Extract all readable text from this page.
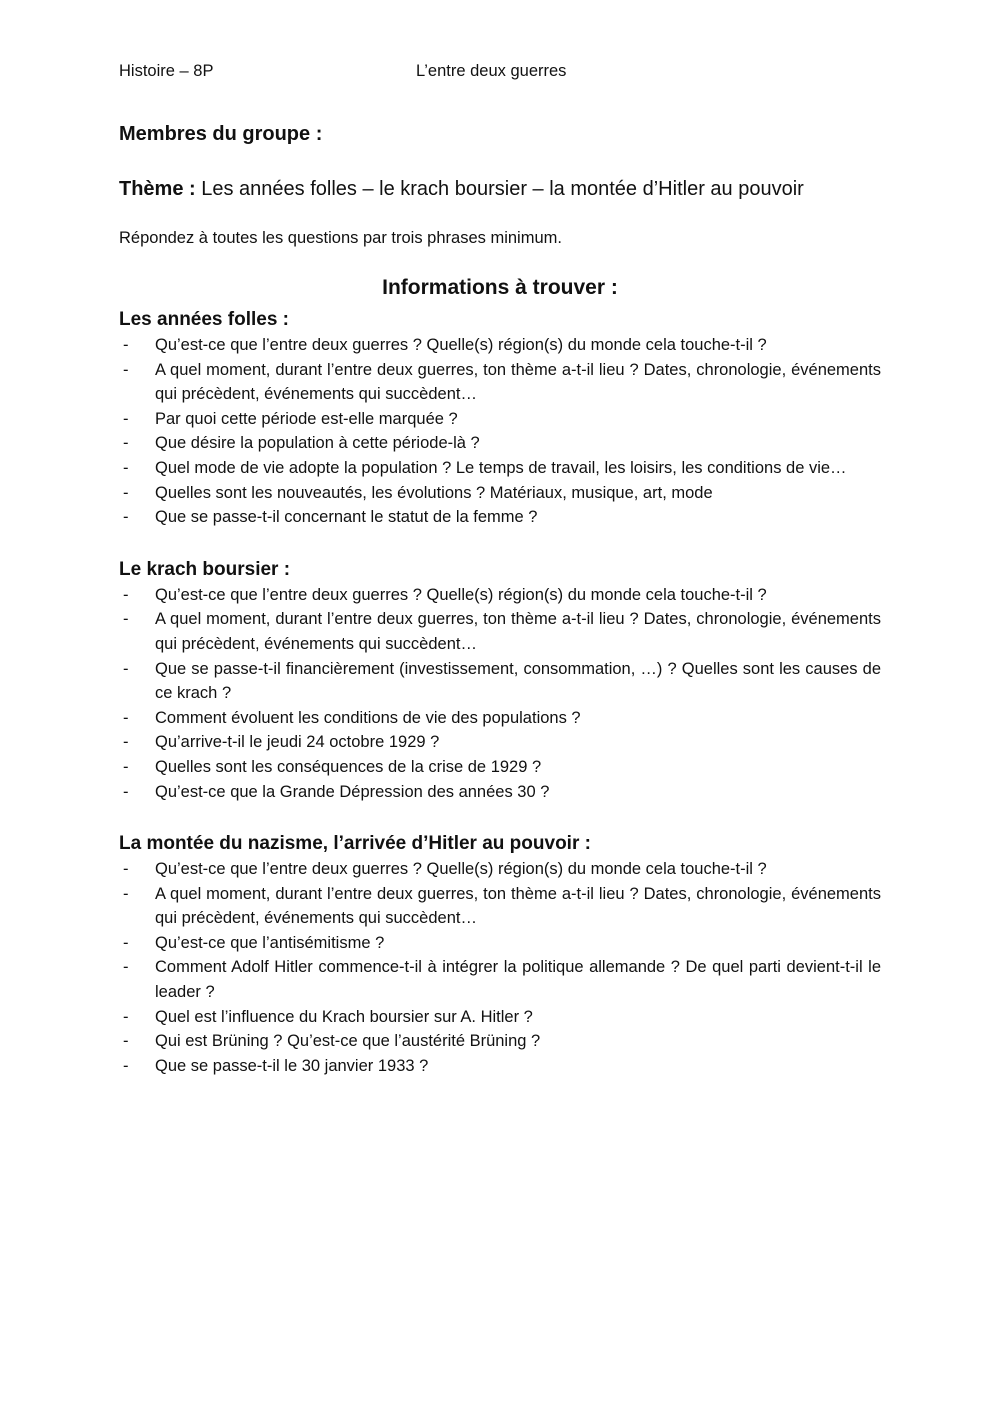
Histoire – 8P	L’entre deux guerres
Membres du groupe :
Thème : Les années folles – le krach boursier – la montée d’Hitler au pouvoir
Répondez à toutes les questions par trois phrases minimum.
Informations à trouver :
Les années folles :
- Qu’est-ce que l’entre deux guerres ? Quelle(s) région(s) du monde cela touche-t-il ?
- A quel moment, durant l’entre deux guerres, ton thème a-t-il lieu ? Dates, chronologie, événements qui précèdent, événements qui succèdent…
- Par quoi cette période est-elle marquée ?
- Que désire la population à cette période-là ?
- Quel mode de vie adopte la population ? Le temps de travail, les loisirs, les conditions de vie…
- Quelles sont les nouveautés, les évolutions ? Matériaux, musique, art, mode
- Que se passe-t-il concernant le statut de la femme ?
Le krach boursier :
- Qu’est-ce que l’entre deux guerres ? Quelle(s) région(s) du monde cela touche-t-il ?
- A quel moment, durant l’entre deux guerres, ton thème a-t-il lieu ? Dates, chronologie, événements qui précèdent, événements qui succèdent…
- Que se passe-t-il financièrement (investissement, consommation, …) ? Quelles sont les causes de ce krach ?
- Comment évoluent les conditions de vie des populations ?
- Qu’arrive-t-il le jeudi 24 octobre 1929 ?
- Quelles sont les conséquences de la crise de 1929 ?
- Qu’est-ce que la Grande Dépression des années 30 ?
La montée du nazisme, l’arrivée d’Hitler au pouvoir :
- Qu’est-ce que l’entre deux guerres ? Quelle(s) région(s) du monde cela touche-t-il ?
- A quel moment, durant l’entre deux guerres, ton thème a-t-il lieu ? Dates, chronologie, événements qui précèdent, événements qui succèdent…
- Qu’est-ce que l’antisémitisme ?
- Comment Adolf Hitler commence-t-il à intégrer la politique allemande ? De quel parti devient-t-il le leader ?
- Quel est l’influence du Krach boursier sur A. Hitler ?
- Qui est Brüning ? Qu’est-ce que l’austérité Brüning ?
- Que se passe-t-il le 30 janvier 1933 ?
